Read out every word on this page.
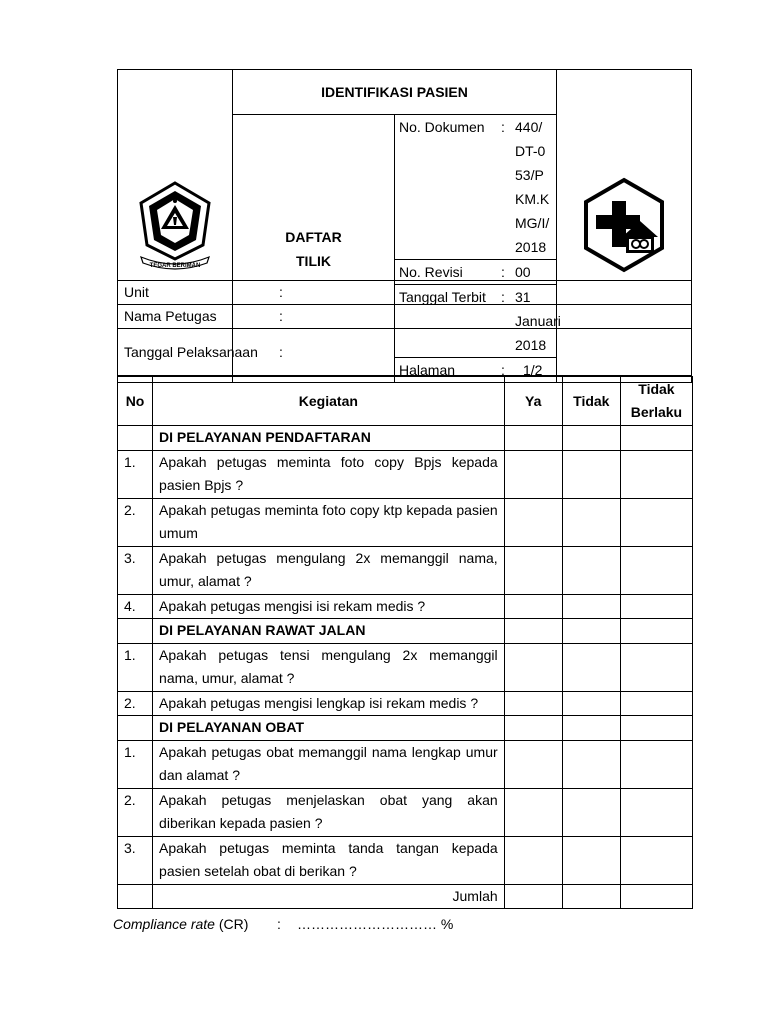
TEGAR BERIMAN
	IDENTIFIKASI PASIEN	

DAFTAR
TILIK

No. Dokumen	:	440/DT-053/PKM.KMG/I/2018
No. Revisi	:	00
Tanggal Terbit	:	31 Januari 2018
Halaman	:	1/2
Unit	:
Nama Petugas	:
Tanggal Pelaksanaan	:
No	Kegiatan	Ya	Tidak	Tidak Berlaku
	DI PELAYANAN PENDAFTARAN			
1.	Apakah petugas meminta foto copy Bpjs kepada pasien Bpjs ?			
2.	Apakah petugas meminta foto copy ktp kepada pasien umum			
3.	Apakah petugas mengulang 2x memanggil nama, umur, alamat ?			
4.	Apakah petugas mengisi isi rekam medis ?			
	DI PELAYANAN RAWAT JALAN			
1.	Apakah petugas tensi mengulang 2x memanggil nama, umur, alamat ?			
2.	Apakah petugas mengisi lengkap isi rekam medis ?			
	DI PELAYANAN OBAT			
1.	Apakah petugas obat memanggil nama lengkap umur dan alamat ?			
2.	Apakah petugas menjelaskan obat yang akan diberikan kepada pasien ?			
3.	Apakah petugas meminta tanda tangan kepada pasien setelah obat di berikan ?			
	Jumlah			
Compliance rate (CR) : ………………………… %
